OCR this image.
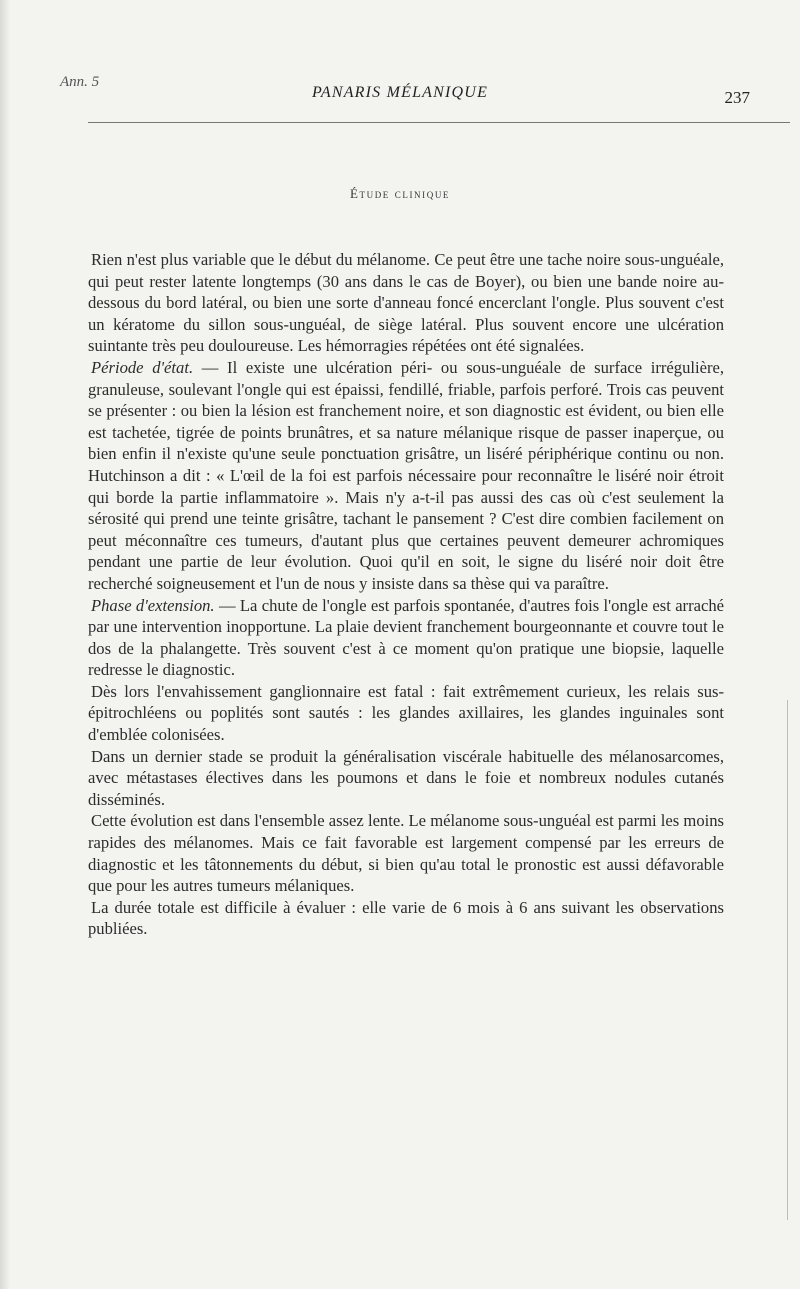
Ann. 5
PANARIS MÉLANIQUE	237
Étude clinique

Rien n'est plus variable que le début du mélanome. Ce peut être une tache noire sous-unguéale, qui peut rester latente longtemps (30 ans dans le cas de Boyer), ou bien une bande noire au-dessous du bord latéral, ou bien une sorte d'anneau foncé encerclant l'ongle. Plus souvent c'est un kératome du sillon sous-unguéal, de siège latéral. Plus souvent encore une ulcération suintante très peu douloureuse. Les hémorragies répétées ont été signalées.

Période d'état. — Il existe une ulcération péri- ou sous-unguéale de surface irrégulière, granuleuse, soulevant l'ongle qui est épaissi, fendillé, friable, parfois perforé. Trois cas peuvent se présenter : ou bien la lésion est franchement noire, et son diagnostic est évident, ou bien elle est tachetée, tigrée de points brunâtres, et sa nature mélanique risque de passer inaperçue, ou bien enfin il n'existe qu'une seule ponctuation grisâtre, un liséré périphérique continu ou non. Hutchinson a dit : « L'œil de la foi est parfois nécessaire pour reconnaître le liséré noir étroit qui borde la partie inflammatoire ». Mais n'y a-t-il pas aussi des cas où c'est seulement la sérosité qui prend une teinte grisâtre, tachant le pansement ? C'est dire combien facilement on peut méconnaître ces tumeurs, d'autant plus que certaines peuvent demeurer achromiques pendant une partie de leur évolution. Quoi qu'il en soit, le signe du liséré noir doit être recherché soigneusement et l'un de nous y insiste dans sa thèse qui va paraître.

Phase d'extension. — La chute de l'ongle est parfois spontanée, d'autres fois l'ongle est arraché par une intervention inopportune. La plaie devient franchement bourgeonnante et couvre tout le dos de la phalangette. Très souvent c'est à ce moment qu'on pratique une biopsie, laquelle redresse le diagnostic.

Dès lors l'envahissement ganglionnaire est fatal : fait extrêmement curieux, les relais sus-épitrochléens ou poplités sont sautés : les glandes axillaires, les glandes inguinales sont d'emblée colonisées.

Dans un dernier stade se produit la généralisation viscérale habituelle des mélanosarcomes, avec métastases électives dans les poumons et dans le foie et nombreux nodules cutanés disséminés.

Cette évolution est dans l'ensemble assez lente. Le mélanome sous-unguéal est parmi les moins rapides des mélanomes. Mais ce fait favorable est largement compensé par les erreurs de diagnostic et les tâtonnements du début, si bien qu'au total le pronostic est aussi défavorable que pour les autres tumeurs mélaniques.

La durée totale est difficile à évaluer : elle varie de 6 mois à 6 ans suivant les observations publiées.
